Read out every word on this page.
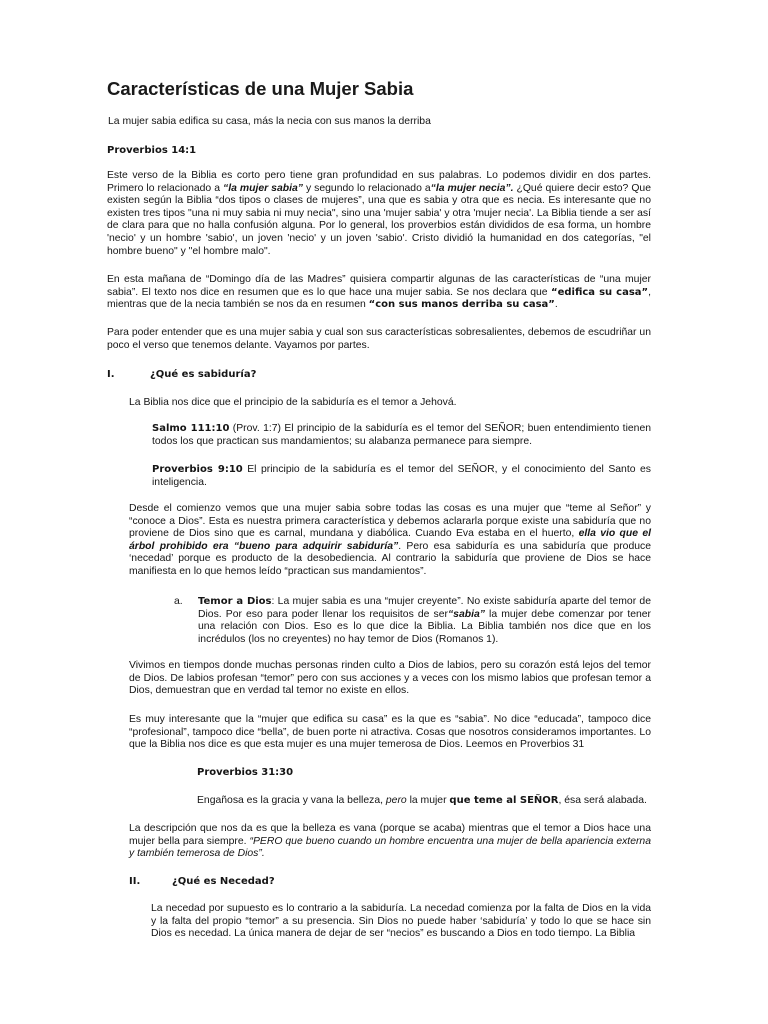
Características de una Mujer Sabia

La mujer sabia edifica su casa, más la necia con sus manos la derriba

Proverbios 14:1

Este verso de la Biblia es corto pero tiene gran profundidad en sus palabras. Lo podemos dividir en dos partes. Primero lo relacionado a “la mujer sabia” y segundo lo relacionado a“la mujer necia”. ¿Qué quiere decir esto? Que existen según la Biblia “dos tipos o clases de mujeres”, una que es sabia y otra que es necia. Es interesante que no existen tres tipos "una ni muy sabia ni muy necia", sino una 'mujer sabia' y otra 'mujer necia'. La Biblia tiende a ser así de clara para que no halla confusión alguna. Por lo general, los proverbios están divididos de esa forma, un hombre 'necio' y un hombre 'sabio', un joven 'necio' y un joven 'sabio'. Cristo dividió la humanidad en dos categorías, "el hombre bueno" y "el hombre malo".

En esta mañana de “Domingo día de las Madres” quisiera compartir algunas de las características de “una mujer sabia”. El texto nos dice en resumen que es lo que hace una mujer sabia. Se nos declara que “edifica su casa”, mientras que de la necia también se nos da en resumen “con sus manos derriba su casa”.

Para poder entender que es una mujer sabia y cual son sus características sobresalientes, debemos de escudriñar un poco el verso que tenemos delante. Vayamos por partes.

I.	¿Qué es sabiduría?

La Biblia nos dice que el principio de la sabiduría es el temor a Jehová.

Salmo 111:10 (Prov. 1:7) El principio de la sabiduría es el temor del SEÑOR; buen entendimiento tienen todos los que practican sus mandamientos; su alabanza permanece para siempre.

Proverbios 9:10 El principio de la sabiduría es el temor del SEÑOR, y el conocimiento del Santo es inteligencia.

Desde el comienzo vemos que una mujer sabia sobre todas las cosas es una mujer que “teme al Señor” y “conoce a Dios”. Esta es nuestra primera característica y debemos aclararla porque existe una sabiduría que no proviene de Dios sino que es carnal, mundana y diabólica. Cuando Eva estaba en el huerto, ella vio que el árbol prohibido era “bueno para adquirir sabiduría”. Pero esa sabiduría es una sabiduría que produce ‘necedad’ porque es producto de la desobediencia. Al contrario la sabiduría que proviene de Dios se hace manifiesta en lo que hemos leído “practican sus mandamientos”.

a. Temor a Dios: La mujer sabia es una “mujer creyente”. No existe sabiduría aparte del temor de Dios. Por eso para poder llenar los requisitos de ser“sabia” la mujer debe comenzar por tener una relación con Dios. Eso es lo que dice la Biblia. La Biblia también nos dice que en los incrédulos (los no creyentes) no hay temor de Dios (Romanos 1).

Vivimos en tiempos donde muchas personas rinden culto a Dios de labios, pero su corazón está lejos del temor de Dios. De labios profesan “temor” pero con sus acciones y a veces con los mismo labios que profesan temor a Dios, demuestran que en verdad tal temor no existe en ellos.

Es muy interesante que la “mujer que edifica su casa” es la que es “sabia”. No dice “educada”, tampoco dice “profesional”, tampoco dice “bella”, de buen porte ni atractiva. Cosas que nosotros consideramos importantes. Lo que la Biblia nos dice es que esta mujer es una mujer temerosa de Dios. Leemos en Proverbios 31

Proverbios 31:30

Engañosa es la gracia y vana la belleza, pero la mujer que teme al SEÑOR, ésa será alabada.

La descripción que nos da es que la belleza es vana (porque se acaba) mientras que el temor a Dios hace una mujer bella para siempre. “PERO que bueno cuando un hombre encuentra una mujer de bella apariencia externa y también temerosa de Dios”.

II.	¿Qué es Necedad?

La necedad por supuesto es lo contrario a la sabiduría. La necedad comienza por la falta de Dios en la vida y la falta del propio “temor” a su presencia. Sin Dios no puede haber ‘sabiduría’ y todo lo que se hace sin Dios es necedad. La única manera de dejar de ser “necios” es buscando a Dios en todo tiempo. La Biblia
